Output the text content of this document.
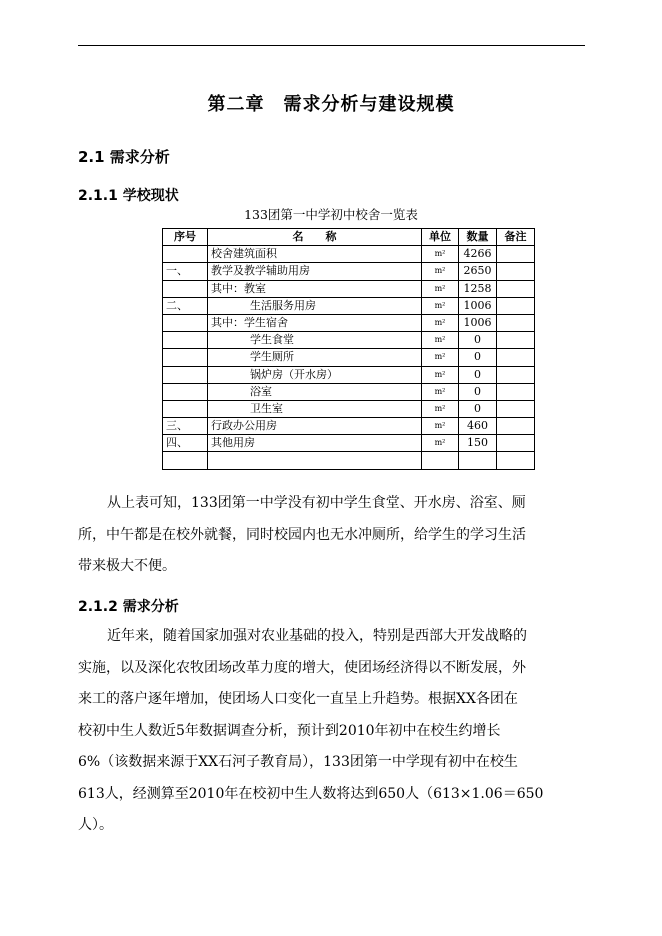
第二章　需求分析与建设规模
2.1 需求分析
2.1.1 学校现状
133团第一中学初中校舍一览表
序号	名　　称	单位	数量	备注
	校舍建筑面积	m²	4266	
一、	教学及教学辅助用房	m²	2650	
	其中：教室	m²	1258	
二、	生活服务用房	m²	1006	
	其中：学生宿舍	m²	1006	
	学生食堂	m²	0	
	学生厕所	m²	0	
	锅炉房（开水房）	m²	0	
	浴室	m²	0	
	卫生室	m²	0	
三、	行政办公用房	m²	460	
四、	其他用房	m²	150	

从上表可知，133团第一中学没有初中学生食堂、开水房、浴室、厕
所，中午都是在校外就餐，同时校园内也无水冲厕所，给学生的学习生活
带来极大不便。
2.1.2 需求分析
近年来，随着国家加强对农业基础的投入，特别是西部大开发战略的
实施，以及深化农牧团场改革力度的增大，使团场经济得以不断发展，外
来工的落户逐年增加，使团场人口变化一直呈上升趋势。根据XX各团在
校初中生人数近5年数据调查分析，预计到2010年初中在校生约增长
6%（该数据来源于XX石河子教育局），133团第一中学现有初中在校生
613人，经测算至2010年在校初中生人数将达到650人（613×1.06＝650
人）。
